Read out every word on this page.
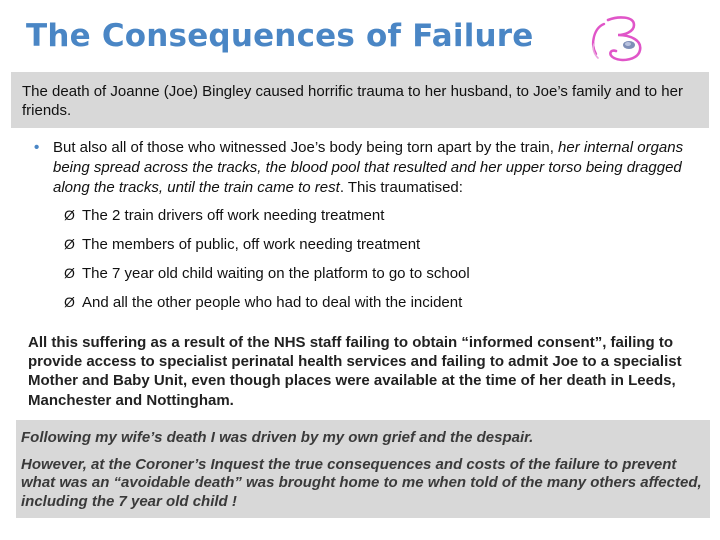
The Consequences of Failure
The death of Joanne (Joe) Bingley caused horrific trauma to her husband, to Joe’s family and to her friends.
• But also all of those who witnessed Joe’s body being torn apart by the train, her internal organs being spread across the tracks, the blood pool that resulted and her upper torso being dragged along the tracks, until the train came to rest. This traumatised:
Ø The 2 train drivers off work needing treatment
Ø The members of public, off work needing treatment
Ø The 7 year old child waiting on the platform to go to school
Ø And all the other people who had to deal with the incident
All this suffering as a result of the NHS staff failing to obtain “informed consent”, failing to provide access to specialist perinatal health services and failing to admit Joe to a specialist Mother and Baby Unit, even though places were available at the time of her death in Leeds, Manchester and Nottingham.

Following my wife’s death I was driven by my own grief and the despair.

However, at the Coroner’s Inquest the true consequences and costs of the failure to prevent what was an “avoidable death” was brought home to me when told of the many others affected, including the 7 year old child !
